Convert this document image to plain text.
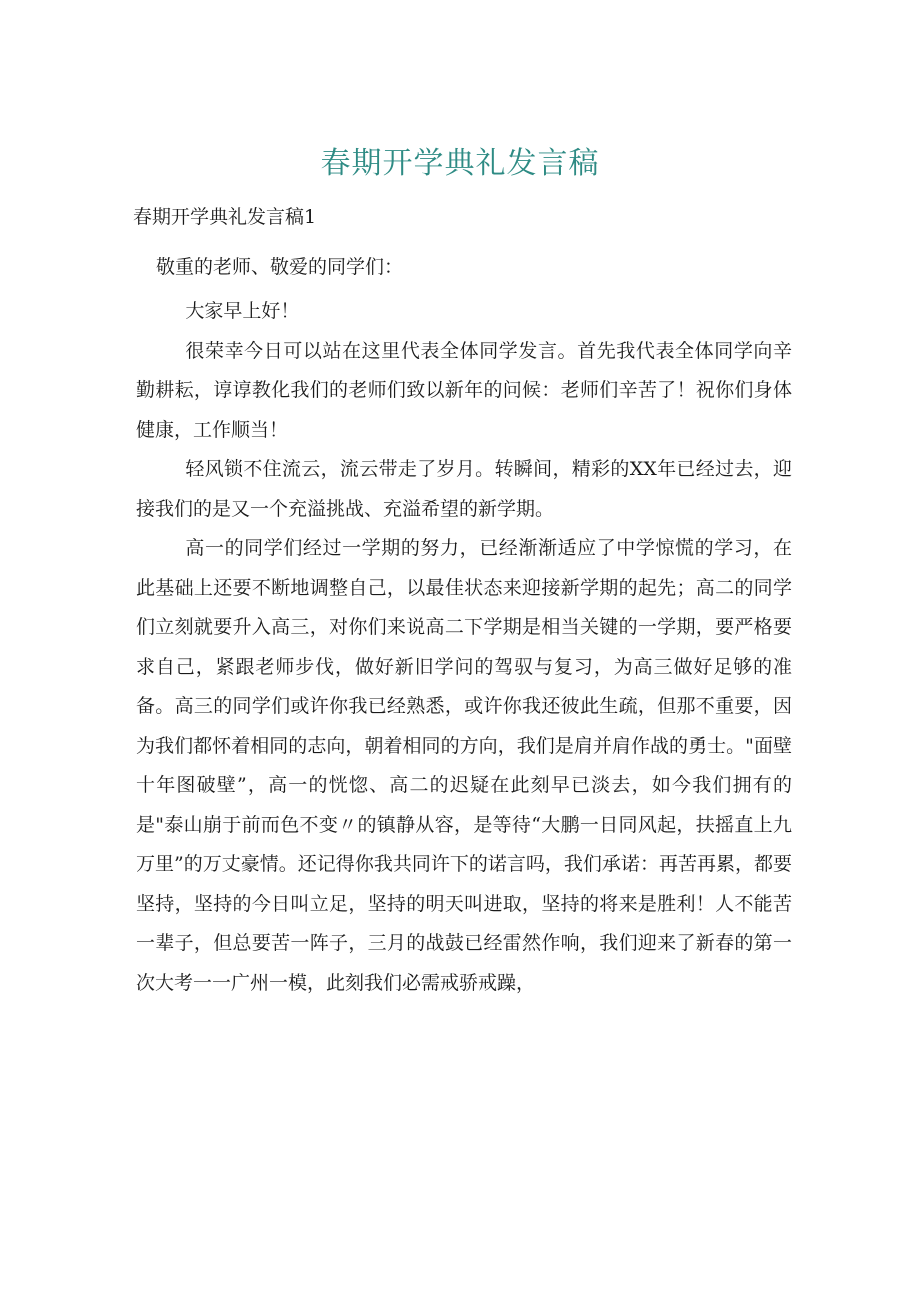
春期开学典礼发言稿
春期开学典礼发言稿1
敬重的老师、敬爱的同学们：

大家早上好！

很荣幸今日可以站在这里代表全体同学发言。首先我代表全体同学向辛勤耕耘，谆谆教化我们的老师们致以新年的问候：老师们辛苦了！祝你们身体健康，工作顺当！

轻风锁不住流云，流云带走了岁月。转瞬间，精彩的XX年已经过去，迎接我们的是又一个充溢挑战、充溢希望的新学期。

高一的同学们经过一学期的努力，已经渐渐适应了中学惊慌的学习，在此基础上还要不断地调整自己，以最佳状态来迎接新学期的起先；高二的同学们立刻就要升入高三，对你们来说高二下学期是相当关键的一学期，要严格要求自己，紧跟老师步伐，做好新旧学问的驾驭与复习，为高三做好足够的准备。高三的同学们或许你我已经熟悉，或许你我还彼此生疏，但那不重要，因为我们都怀着相同的志向，朝着相同的方向，我们是肩并肩作战的勇士。"面壁十年图破壁”，高一的恍惚、高二的迟疑在此刻早已淡去，如今我们拥有的是"泰山崩于前而色不变〃的镇静从容，是等待“大鹏一日同风起，扶摇直上九万里”的万丈豪情。还记得你我共同许下的诺言吗，我们承诺：再苦再累，都要坚持，坚持的今日叫立足，坚持的明天叫进取，坚持的将来是胜利！人不能苦一辈子，但总要苦一阵子，三月的战鼓已经雷然作响，我们迎来了新春的第一次大考一一广州一模，此刻我们必需戒骄戒躁，
